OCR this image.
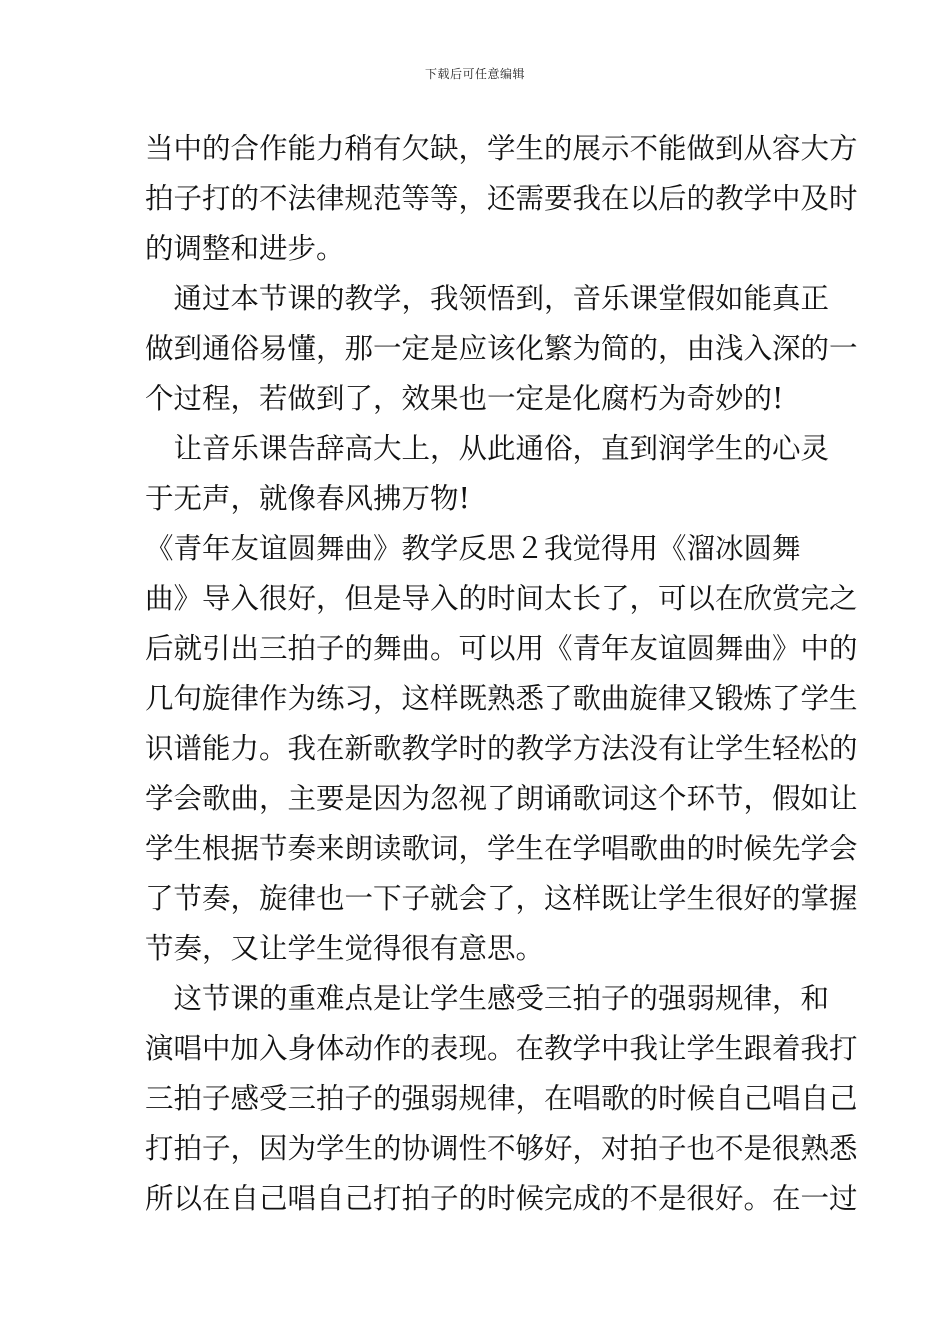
下载后可任意编辑
当中的合作能力稍有欠缺，学生的展示不能做到从容大方
拍子打的不法律规范等等，还需要我在以后的教学中及时
的调整和进步。
　通过本节课的教学，我领悟到，音乐课堂假如能真正
做到通俗易懂，那一定是应该化繁为简的，由浅入深的一
个过程，若做到了，效果也一定是化腐朽为奇妙的!
　让音乐课告辞高大上，从此通俗，直到润学生的心灵
于无声，就像春风拂万物!
《青年友谊圆舞曲》教学反思２我觉得用《溜冰圆舞
曲》导入很好，但是导入的时间太长了，可以在欣赏完之
后就引出三拍子的舞曲。可以用《青年友谊圆舞曲》中的
几句旋律作为练习，这样既熟悉了歌曲旋律又锻炼了学生
识谱能力。我在新歌教学时的教学方法没有让学生轻松的
学会歌曲，主要是因为忽视了朗诵歌词这个环节，假如让
学生根据节奏来朗读歌词，学生在学唱歌曲的时候先学会
了节奏，旋律也一下子就会了，这样既让学生很好的掌握
节奏，又让学生觉得很有意思。
　这节课的重难点是让学生感受三拍子的强弱规律，和
演唱中加入身体动作的表现。在教学中我让学生跟着我打
三拍子感受三拍子的强弱规律，在唱歌的时候自己唱自己
打拍子，因为学生的协调性不够好，对拍子也不是很熟悉
所以在自己唱自己打拍子的时候完成的不是很好。在一过
